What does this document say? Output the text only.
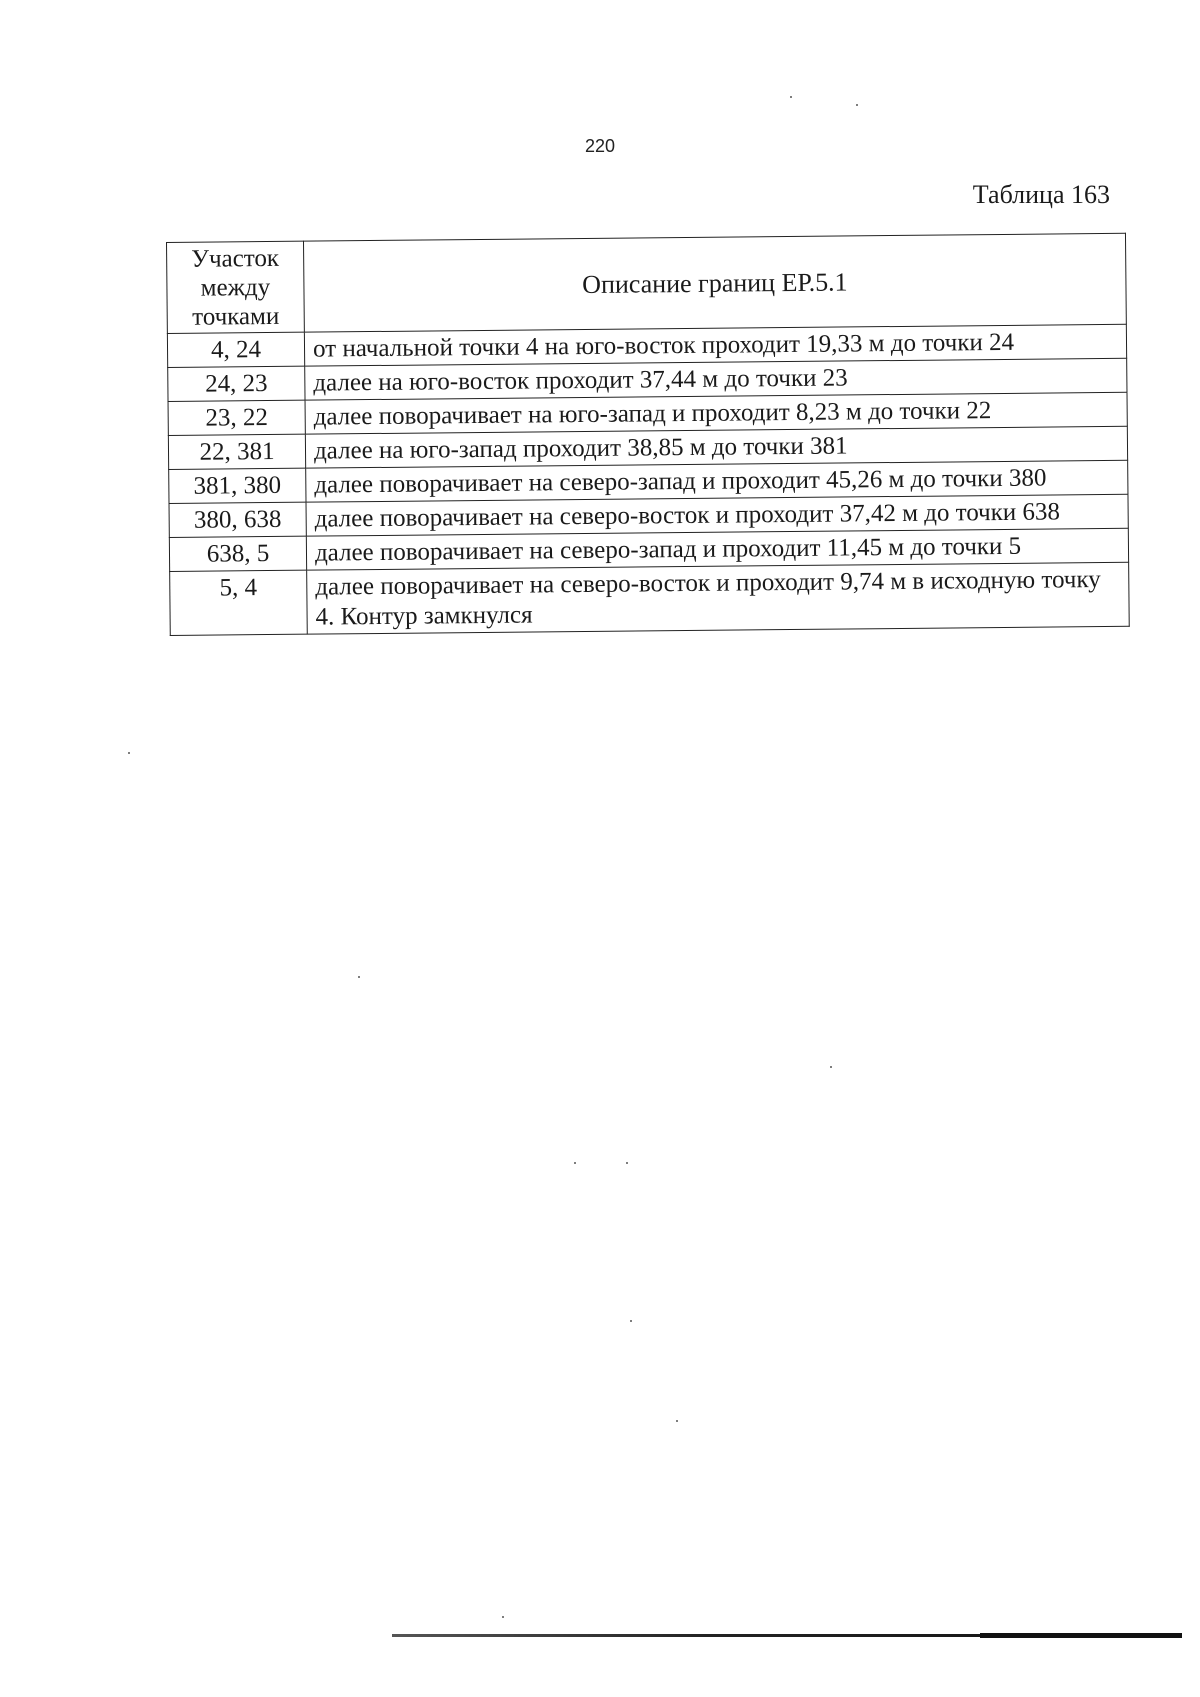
220
Таблица 163
Участок между точками	Описание границ ЕР.5.1
4, 24	от начальной точки 4 на юго-восток проходит 19,33 м до точки 24
24, 23	далее на юго-восток проходит 37,44 м до точки 23
23, 22	далее поворачивает на юго-запад и проходит 8,23 м до точки 22
22, 381	далее на юго-запад проходит 38,85 м до точки 381
381, 380	далее поворачивает на северо-запад и проходит 45,26 м до точки 380
380, 638	далее поворачивает на северо-восток и проходит 37,42 м до точки 638
638, 5	далее поворачивает на северо-запад и проходит 11,45 м до точки 5
5, 4	далее поворачивает на северо-восток и проходит 9,74 м в исходную точку 4. Контур замкнулся
